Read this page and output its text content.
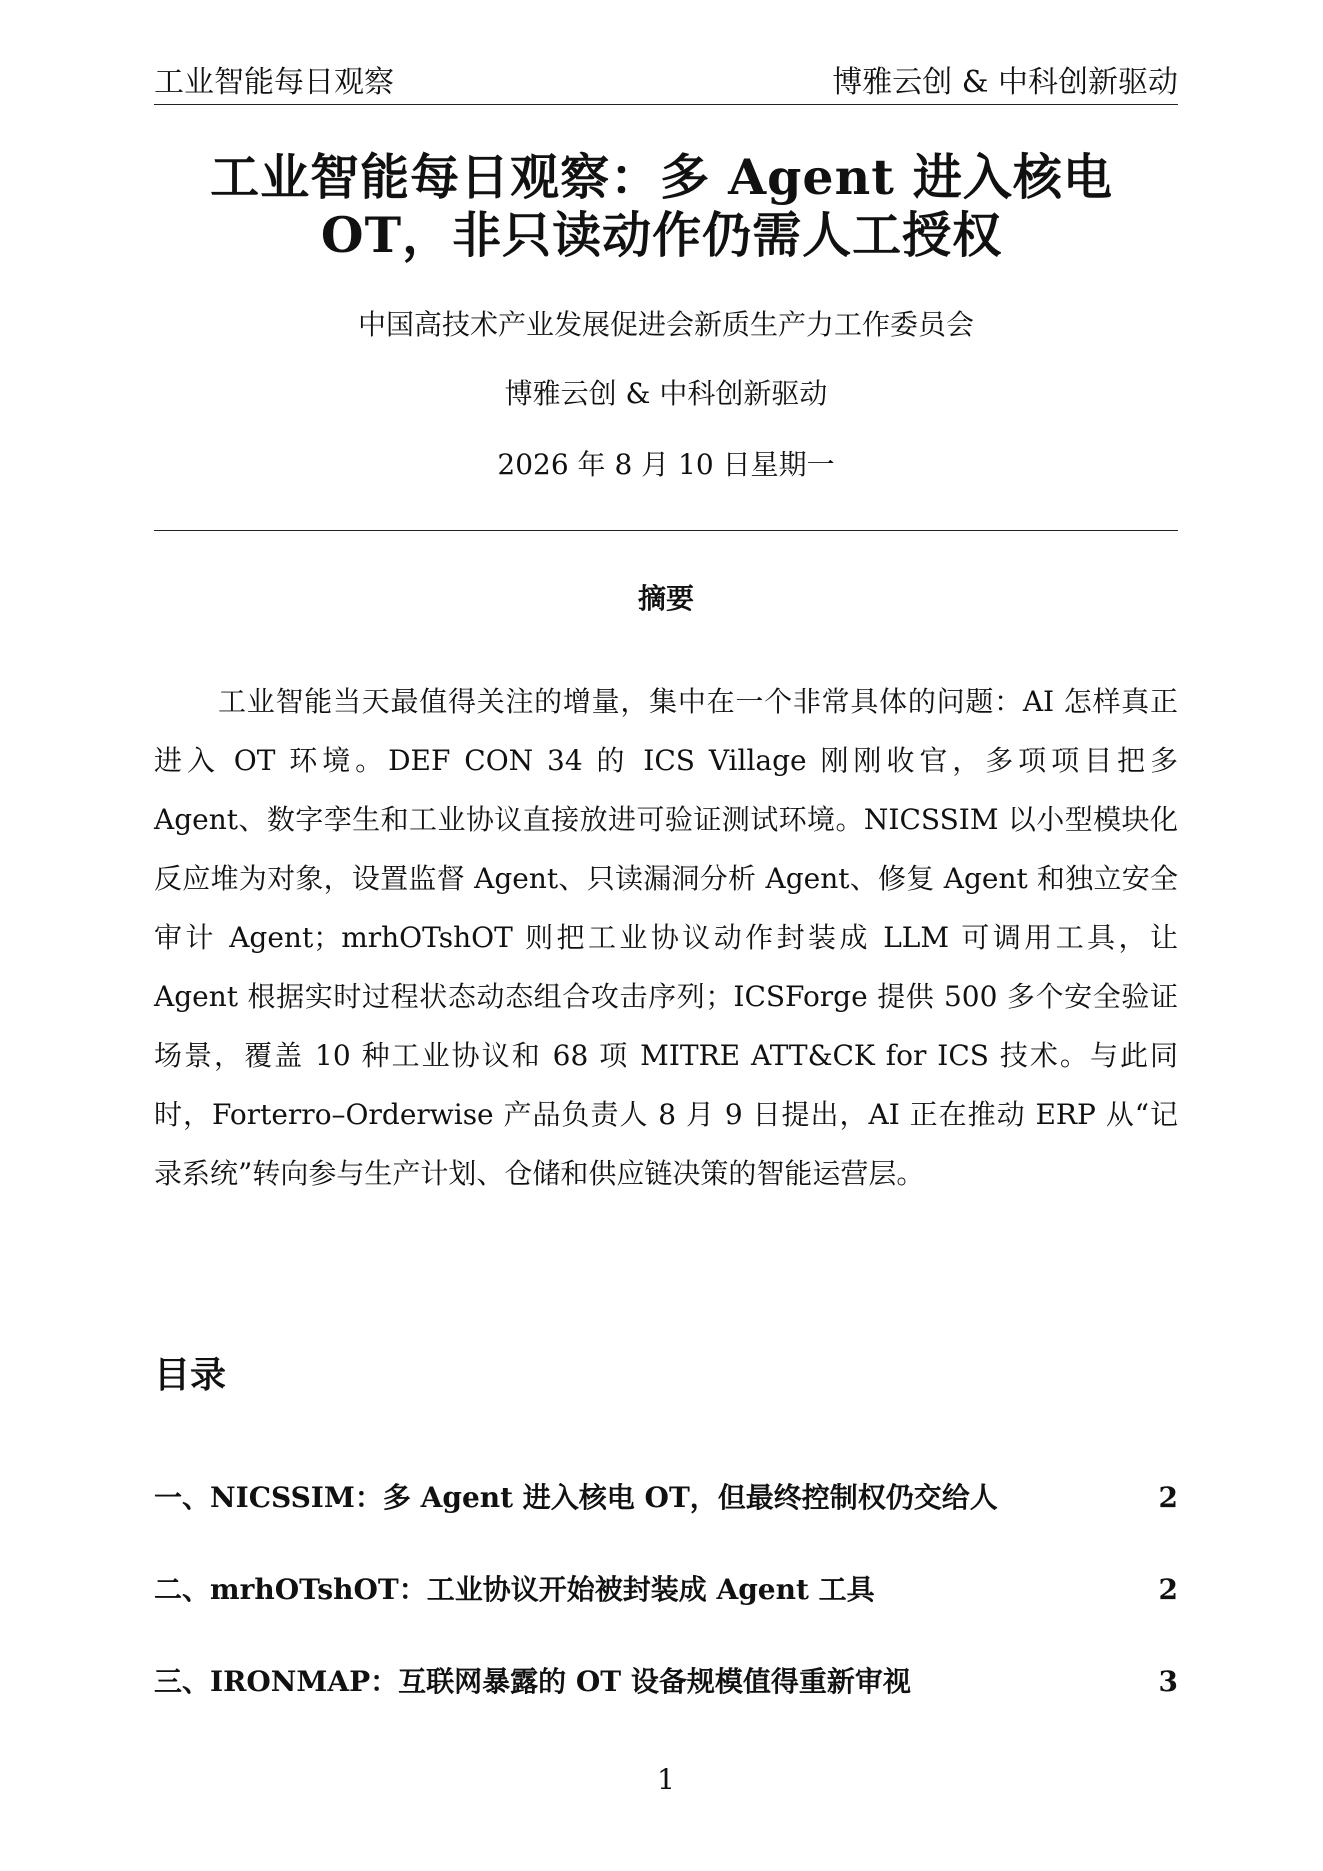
工业智能每日观察	博雅云创 & 中科创新驱动
工业智能每日观察：多 Agent 进入核电
OT，非只读动作仍需人工授权
中国高技术产业发展促进会新质生产力工作委员会
博雅云创 & 中科创新驱动
2026 年 8 月 10 日星期一
摘要

工业智能当天最值得关注的增量，集中在一个非常具体的问题：AI 怎样真正进入 OT 环境。DEF CON 34 的 ICS Village 刚刚收官，多项项目把多 Agent、数字孪生和工业协议直接放进可验证测试环境。NICSSIM 以小型模块化反应堆为对象，设置监督 Agent、只读漏洞分析 Agent、修复 Agent 和独立安全审计 Agent；mrhOTshOT 则把工业协议动作封装成 LLM 可调用工具，让 Agent 根据实时过程状态动态组合攻击序列；ICSForge 提供 500 多个安全验证场景，覆盖 10 种工业协议和 68 项 MITRE ATT&CK for ICS 技术。与此同时，Forterro–Orderwise 产品负责人 8 月 9 日提出，AI 正在推动 ERP 从“记录系统”转向参与生产计划、仓储和供应链决策的智能运营层。

目录
一、NICSSIM：多 Agent 进入核电 OT，但最终控制权仍交给人	2
二、mrhOTshOT：工业协议开始被封装成 Agent 工具	2
三、IRONMAP：互联网暴露的 OT 设备规模值得重新审视	3
1
